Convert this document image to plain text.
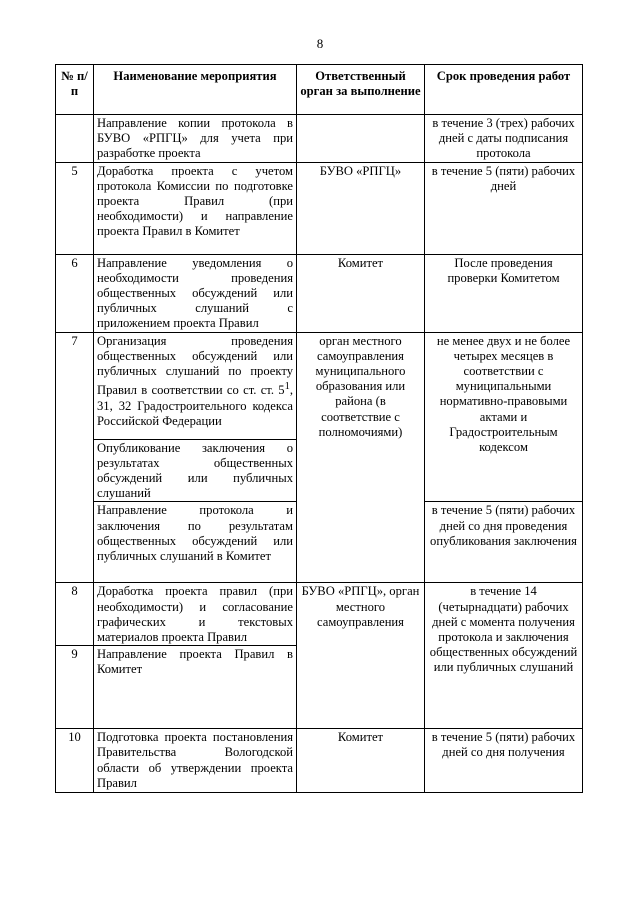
8
№ п/п	Наименование мероприятия	Ответственный орган за выполнение	Срок проведения работ
	Направление копии протокола в БУВО «РПГЦ» для учета при разработке проекта		в течение 3 (трех) рабочих дней с даты подписания протокола
5	Доработка проекта с учетом протокола Комиссии по подготовке проекта Правил (при необходимости) и направление проекта Правил в Комитет	БУВО «РПГЦ»	в течение 5 (пяти) рабочих дней
6	Направление уведомления о необходимости проведения общественных обсуждений или публичных слушаний с приложением проекта Правил	Комитет	После проведения проверки Комитетом
7	Организация проведения общественных обсуждений или публичных слушаний по проекту Правил в соответствии со ст. ст. $5^1$, 31, 32 Градостроительного кодекса Российской Федерации	орган местного самоуправления муниципального образования или района (в соответствие с полномочиями)	не менее двух и не более четырех месяцев в соответствии с муниципальными нормативно-правовыми актами и Градостроительным кодексом
	Опубликование заключения о результатах общественных обсуждений или публичных слушаний		
	Направление протокола и заключения по результатам общественных обсуждений или публичных слушаний в Комитет		в течение 5 (пяти) рабочих дней со дня проведения опубликования заключения
8	Доработка проекта правил (при необходимости) и согласование графических и текстовых материалов проекта Правил	БУВО «РПГЦ», орган местного самоуправления	в течение 14 (четырнадцати) рабочих дней с момента получения протокола и заключения общественных обсуждений или публичных слушаний
9	Направление проекта Правил в Комитет		
10	Подготовка проекта постановления Правительства Вологодской области об утверждении проекта Правил	Комитет	в течение 5 (пяти) рабочих дней со дня получения
